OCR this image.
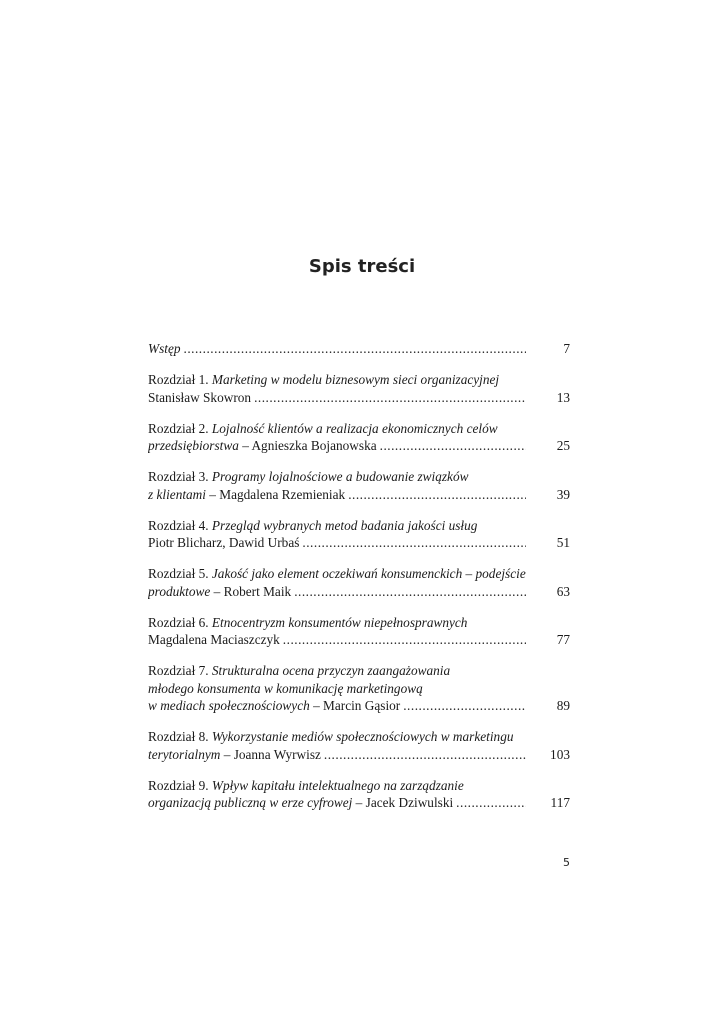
Spis treści
Wstęp .....	7
Rozdział 1. Marketing w modelu biznesowym sieci organizacyjnej
Stanisław Skowron .....	13
Rozdział 2. Lojalność klientów a realizacja ekonomicznych celów
przedsiębiorstwa – Agnieszka Bojanowska .....	25
Rozdział 3. Programy lojalnościowe a budowanie związków
z klientami – Magdalena Rzemieniak .....	39
Rozdział 4. Przegląd wybranych metod badania jakości usług
Piotr Blicharz, Dawid Urbaś .....	51
Rozdział 5. Jakość jako element oczekiwań konsumenckich – podejście
produktowe – Robert Maik .....	63
Rozdział 6. Etnocentryzm konsumentów niepełnosprawnych
Magdalena Maciaszczyk .....	77
Rozdział 7. Strukturalna ocena przyczyn zaangażowania
młodego konsumenta w komunikację marketingową
w mediach społecznościowych – Marcin Gąsior .....	89
Rozdział 8. Wykorzystanie mediów społecznościowych w marketingu
terytorialnym – Joanna Wyrwisz .....	103
Rozdział 9. Wpływ kapitału intelektualnego na zarządzanie
organizacją publiczną w erze cyfrowej – Jacek Dziwulski .....	117
5
